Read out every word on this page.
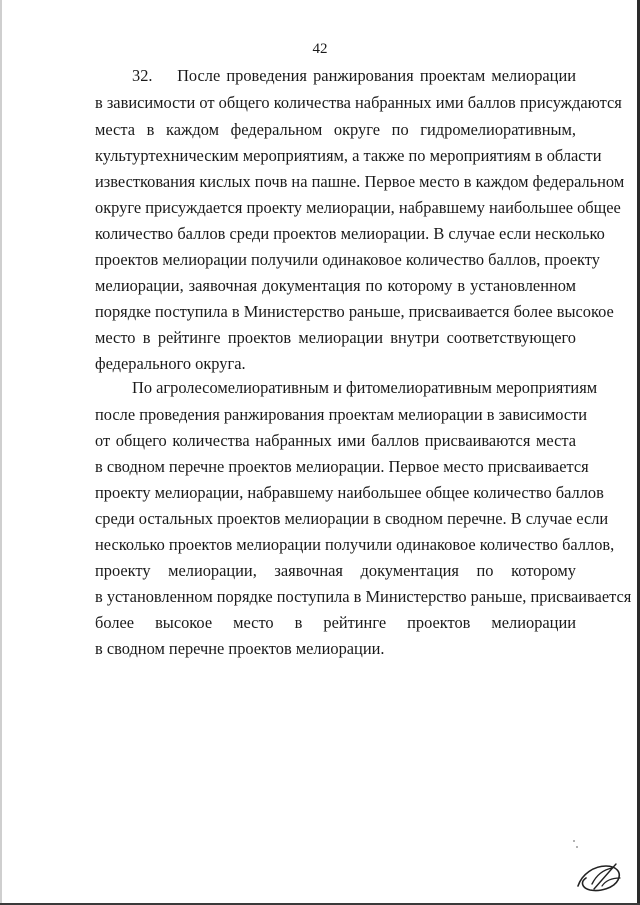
42
32.    После проведения ранжирования проектам мелиорации
в зависимости от общего количества набранных ими баллов присуждаются
места в каждом федеральном округе по гидромелиоративным,
культуртехническим мероприятиям, а также по мероприятиям в области
известкования кислых почв на пашне. Первое место в каждом федеральном
округе присуждается проекту мелиорации, набравшему наибольшее общее
количество баллов среди проектов мелиорации. В случае если несколько
проектов мелиорации получили одинаковое количество баллов, проекту
мелиорации, заявочная документация по которому в установленном
порядке поступила в Министерство раньше, присваивается более высокое
место в рейтинге проектов мелиорации внутри соответствующего
федерального округа.
По агролесомелиоративным и фитомелиоративным мероприятиям
после проведения ранжирования проектам мелиорации в зависимости
от общего количества набранных ими баллов присваиваются места
в сводном перечне проектов мелиорации. Первое место присваивается
проекту мелиорации, набравшему наибольшее общее количество баллов
среди остальных проектов мелиорации в сводном перечне. В случае если
несколько проектов мелиорации получили одинаковое количество баллов,
проекту мелиорации, заявочная документация по которому
в установленном порядке поступила в Министерство раньше, присваивается
более высокое место в рейтинге проектов мелиорации
в сводном перечне проектов мелиорации.
